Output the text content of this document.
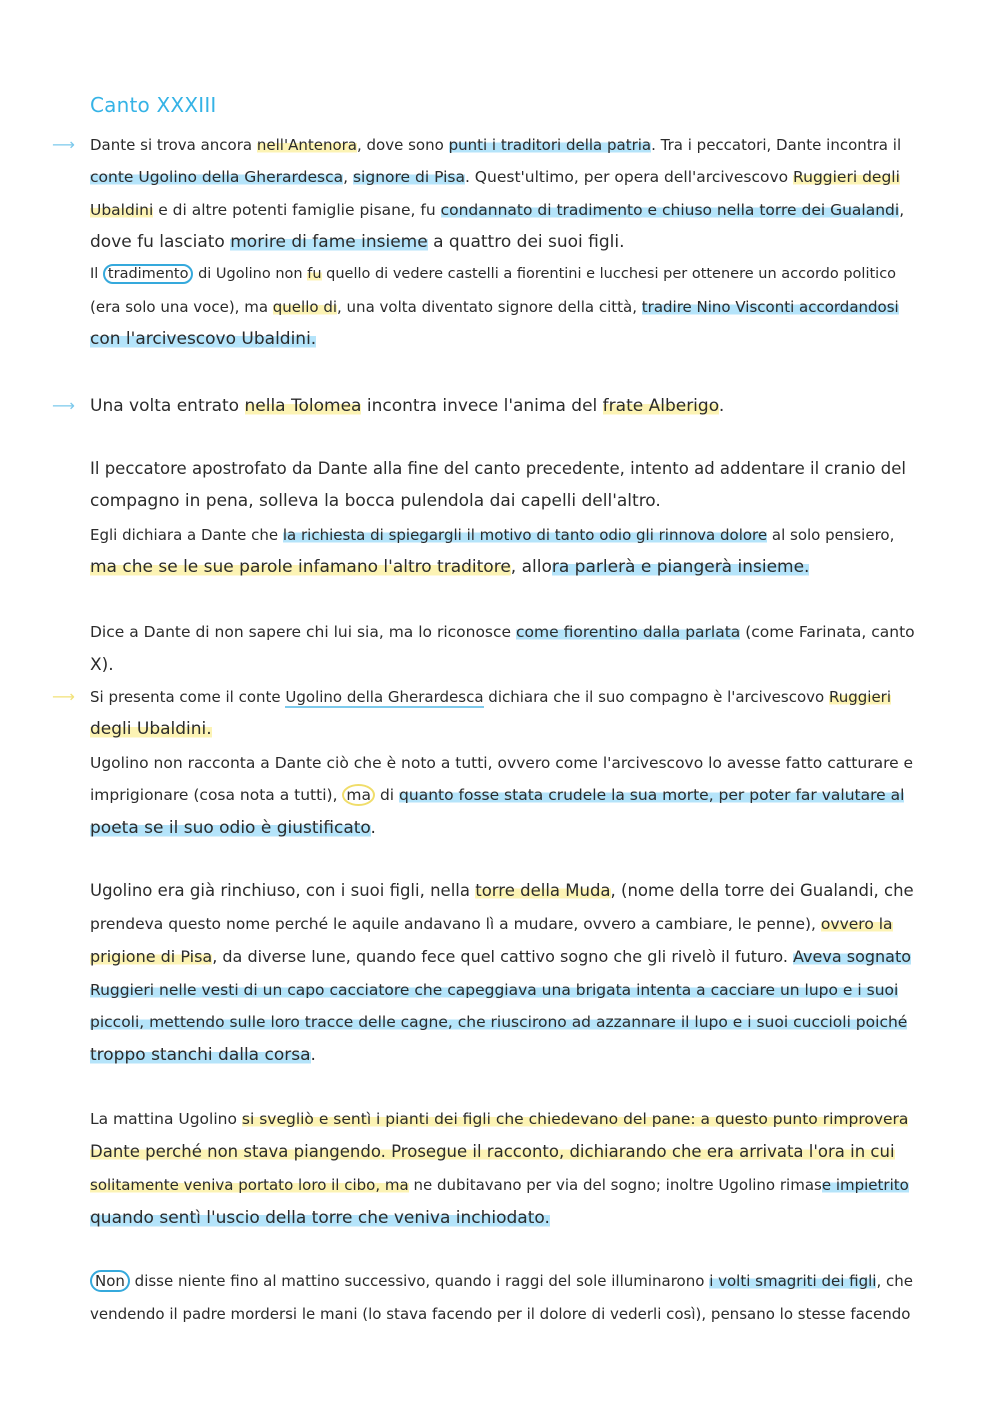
Canto XXXIII
⟶ Dante si trova ancora nell'Antenora, dove sono punti i traditori della patria. Tra i peccatori, Dante incontra il
conte Ugolino della Gherardesca, signore di Pisa. Quest'ultimo, per opera dell'arcivescovo Ruggieri degli
Ubaldini e di altre potenti famiglie pisane, fu condannato di tradimento e chiuso nella torre dei Gualandi,
dove fu lasciato morire di fame insieme a quattro dei suoi figli.
Il tradimento di Ugolino non fu quello di vedere castelli a fiorentini e lucchesi per ottenere un accordo politico
(era solo una voce), ma quello di, una volta diventato signore della città, tradire Nino Visconti accordandosi
con l'arcivescovo Ubaldini.
⟶ Una volta entrato nella Tolomea incontra invece l'anima del frate Alberigo.
Il peccatore apostrofato da Dante alla fine del canto precedente, intento ad addentare il cranio del
compagno in pena, solleva la bocca pulendola dai capelli dell'altro.
Egli dichiara a Dante che la richiesta di spiegargli il motivo di tanto odio gli rinnova dolore al solo pensiero,
ma che se le sue parole infamano l'altro traditore, allora parlerà e piangerà insieme.
Dice a Dante di non sapere chi lui sia, ma lo riconosce come fiorentino dalla parlata (come Farinata, canto
X).
⟶ Si presenta come il conte Ugolino della Gherardesca dichiara che il suo compagno è l'arcivescovo Ruggieri
degli Ubaldini.
Ugolino non racconta a Dante ciò che è noto a tutti, ovvero come l'arcivescovo lo avesse fatto catturare e
imprigionare (cosa nota a tutti), ma di quanto fosse stata crudele la sua morte, per poter far valutare al
poeta se il suo odio è giustificato.
Ugolino era già rinchiuso, con i suoi figli, nella torre della Muda, (nome della torre dei Gualandi, che
prendeva questo nome perché le aquile andavano lì a mudare, ovvero a cambiare, le penne), ovvero la
prigione di Pisa, da diverse lune, quando fece quel cattivo sogno che gli rivelò il futuro. Aveva sognato
Ruggieri nelle vesti di un capo cacciatore che capeggiava una brigata intenta a cacciare un lupo e i suoi
piccoli, mettendo sulle loro tracce delle cagne, che riuscirono ad azzannare il lupo e i suoi cuccioli poiché
troppo stanchi dalla corsa.
La mattina Ugolino si svegliò e sentì i pianti dei figli che chiedevano del pane: a questo punto rimprovera
Dante perché non stava piangendo. Prosegue il racconto, dichiarando che era arrivata l'ora in cui
solitamente veniva portato loro il cibo, ma ne dubitavano per via del sogno; inoltre Ugolino rimase impietrito
quando sentì l'uscio della torre che veniva inchiodato.
Non disse niente fino al mattino successivo, quando i raggi del sole illuminarono i volti smagriti dei figli, che
vendendo il padre mordersi le mani (lo stava facendo per il dolore di vederli così), pensano lo stesse facendo
